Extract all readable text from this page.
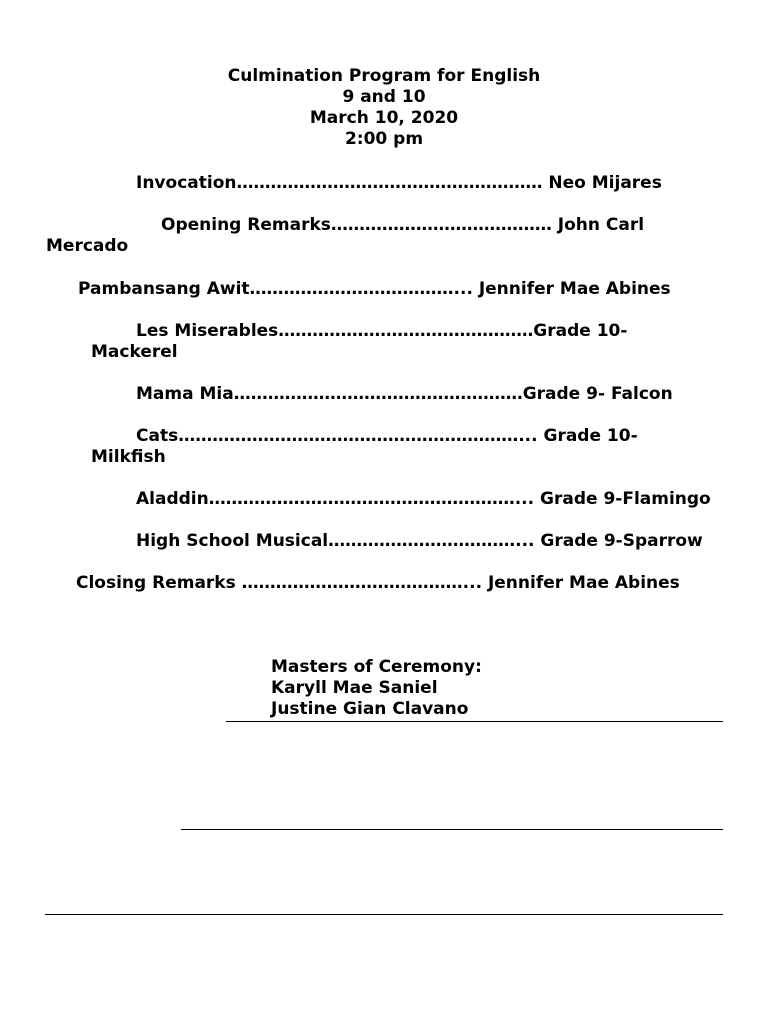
Culmination Program for English
9 and 10
March 10, 2020
2:00 pm
Invocation……………………………………………… Neo Mijares
Opening Remarks………………………………… John Carl
Mercado
Pambansang Awit………………………………... Jennifer Mae Abines
Les Miserables………………………………………Grade 10-
Mackerel
Mama Mia……………………………………………Grade 9- Falcon
Cats……………………………………………………... Grade 10-
Milkfish
Aladdin………………………………………………... Grade 9-Flamingo
High School Musical……………………………... Grade 9-Sparrow
Closing Remarks …………………………………... Jennifer Mae Abines
Masters of Ceremony:
Karyll Mae Saniel
Justine Gian Clavano
